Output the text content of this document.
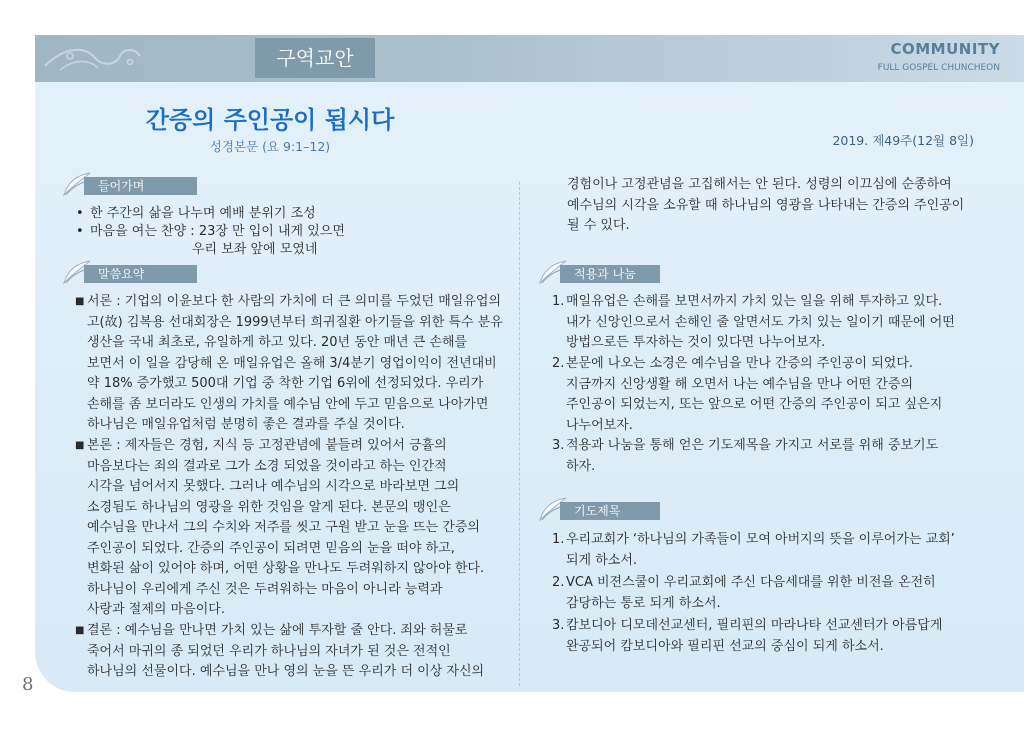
구역교안	COMMUNITY
FULL GOSPEL CHUNCHEON
간증의 주인공이 됩시다
성경본문 (요 9:1–12)	2019. 제49주(12월 8일)
들어가며
• 한 주간의 삶을 나누며 예배 분위기 조성
• 마음을 여는 찬양 : 23장 만 입이 내게 있으면
우리 보좌 앞에 모였네
말씀요약
■ 서론 : 기업의 이윤보다 한 사람의 가치에 더 큰 의미를 두었던 매일유업의
고(故) 김복용 선대회장은 1999년부터 희귀질환 아기들을 위한 특수 분유
생산을 국내 최초로, 유일하게 하고 있다. 20년 동안 매년 큰 손해를
보면서 이 일을 감당해 온 매일유업은 올해 3/4분기 영업이익이 전년대비
약 18% 증가했고 500대 기업 중 착한 기업 6위에 선정되었다. 우리가
손해를 좀 보더라도 인생의 가치를 예수님 안에 두고 믿음으로 나아가면
하나님은 매일유업처럼 분명히 좋은 결과를 주실 것이다.
■ 본론 : 제자들은 경험, 지식 등 고정관념에 붙들려 있어서 긍휼의
마음보다는 죄의 결과로 그가 소경 되었을 것이라고 하는 인간적
시각을 넘어서지 못했다. 그러나 예수님의 시각으로 바라보면 그의
소경됨도 하나님의 영광을 위한 것임을 알게 된다. 본문의 맹인은
예수님을 만나서 그의 수치와 저주를 씻고 구원 받고 눈을 뜨는 간증의
주인공이 되었다. 간증의 주인공이 되려면 믿음의 눈을 떠야 하고,
변화된 삶이 있어야 하며, 어떤 상황을 만나도 두려워하지 않아야 한다.
하나님이 우리에게 주신 것은 두려워하는 마음이 아니라 능력과
사랑과 절제의 마음이다.
■ 결론 : 예수님을 만나면 가치 있는 삶에 투자할 줄 안다. 죄와 허물로
죽어서 마귀의 종 되었던 우리가 하나님의 자녀가 된 것은 전적인
하나님의 선물이다. 예수님을 만나 영의 눈을 뜬 우리가 더 이상 자신의
경험이나 고정관념을 고집해서는 안 된다. 성령의 이끄심에 순종하여
예수님의 시각을 소유할 때 하나님의 영광을 나타내는 간증의 주인공이
될 수 있다.
적용과 나눔
1. 매일유업은 손해를 보면서까지 가치 있는 일을 위해 투자하고 있다.
내가 신앙인으로서 손해인 줄 알면서도 가치 있는 일이기 때문에 어떤
방법으로든 투자하는 것이 있다면 나누어보자.
2. 본문에 나오는 소경은 예수님을 만나 간증의 주인공이 되었다.
지금까지 신앙생활 해 오면서 나는 예수님을 만나 어떤 간증의
주인공이 되었는지, 또는 앞으로 어떤 간증의 주인공이 되고 싶은지
나누어보자.
3. 적용과 나눔을 통해 얻은 기도제목을 가지고 서로를 위해 중보기도
하자.
기도제목
1. 우리교회가 ‘하나님의 가족들이 모여 아버지의 뜻을 이루어가는 교회’
되게 하소서.
2. VCA 비젼스쿨이 우리교회에 주신 다음세대를 위한 비전을 온전히
감당하는 통로 되게 하소서.
3. 캄보디아 디모데선교센터, 필리핀의 마라나타 선교센터가 아름답게
완공되어 캄보디아와 필리핀 선교의 중심이 되게 하소서.
8
